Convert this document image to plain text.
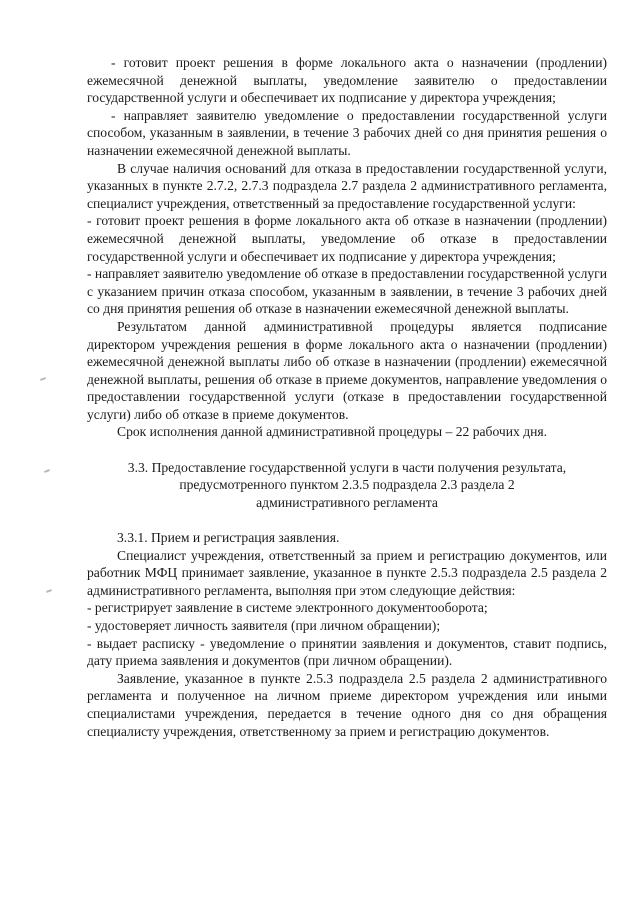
- готовит проект решения в форме локального акта о назначении (продлении) ежемесячной денежной выплаты, уведомление заявителю о предоставлении государственной услуги и обеспечивает их подписание у директора учреждения;

- направляет заявителю уведомление о предоставлении государственной услуги способом, указанным в заявлении, в течение 3 рабочих дней со дня принятия решения о назначении ежемесячной денежной выплаты.

В случае наличия оснований для отказа в предоставлении государственной услуги, указанных в пункте 2.7.2, 2.7.3 подраздела 2.7 раздела 2 административного регламента, специалист учреждения, ответственный за предоставление государственной услуги:

- готовит проект решения в форме локального акта об отказе в назначении (продлении) ежемесячной денежной выплаты, уведомление об отказе в предоставлении государственной услуги и обеспечивает их подписание у директора учреждения;

- направляет заявителю уведомление об отказе в предоставлении государственной услуги с указанием причин отказа способом, указанным в заявлении, в течение 3 рабочих дней со дня принятия решения об отказе в назначении ежемесячной денежной выплаты.

Результатом данной административной процедуры является подписание директором учреждения решения в форме локального акта о назначении (продлении) ежемесячной денежной выплаты либо об отказе в назначении (продлении) ежемесячной денежной выплаты, решения об отказе в приеме документов, направление уведомления о предоставлении государственной услуги (отказе в предоставлении государственной услуги) либо об отказе в приеме документов.

Срок исполнения данной административной процедуры – 22 рабочих дня.

3.3. Предоставление государственной услуги в части получения результата,

предусмотренного пунктом 2.3.5 подраздела 2.3 раздела 2

административного регламента

3.3.1. Прием и регистрация заявления.

Специалист учреждения, ответственный за прием и регистрацию документов, или работник МФЦ принимает заявление, указанное в пункте 2.5.3 подраздела 2.5 раздела 2 административного регламента, выполняя при этом следующие действия:

- регистрирует заявление в системе электронного документооборота;

- удостоверяет личность заявителя (при личном обращении);

- выдает расписку - уведомление о принятии заявления и документов, ставит подпись, дату приема заявления и документов (при личном обращении).

Заявление, указанное в пункте 2.5.3 подраздела 2.5 раздела 2 административного регламента и полученное на личном приеме директором учреждения или иными специалистами учреждения, передается в течение одного дня со дня обращения специалисту учреждения, ответственному за прием и регистрацию документов.
